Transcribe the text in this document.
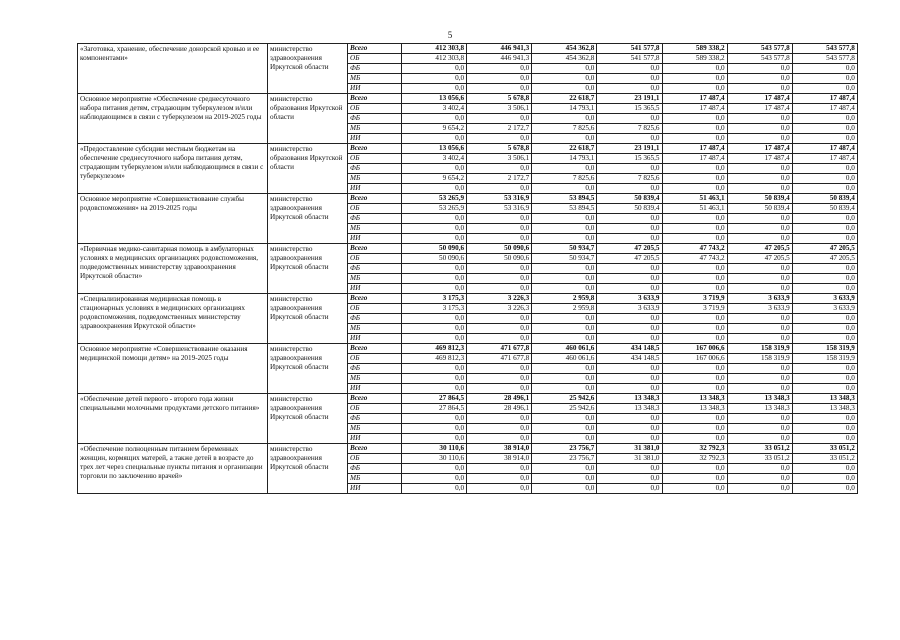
5
«Заготовка, хранение, обеспечение донорской кровью и ее компонентами»	министерство здравоохранения Иркутской области	Всего	412 303,8	446 941,3	454 362,8	541 577,8	589 338,2	543 577,8	543 577,8
		ОБ	412 303,8	446 941,3	454 362,8	541 577,8	589 338,2	543 577,8	543 577,8
		ФБ	0,0	0,0	0,0	0,0	0,0	0,0	0,0
		МБ	0,0	0,0	0,0	0,0	0,0	0,0	0,0
		ИИ	0,0	0,0	0,0	0,0	0,0	0,0	0,0
Основное мероприятие «Обеспечение среднесуточного набора питания детям, страдающим туберкулезом и/или наблюдающимся в связи с туберкулезом на 2019-2025 годы	министерство образования Иркутской области	Всего	13 056,6	5 678,8	22 618,7	23 191,1	17 487,4	17 487,4	17 487,4
		ОБ	3 402,4	3 506,1	14 793,1	15 365,5	17 487,4	17 487,4	17 487,4
		ФБ	0,0	0,0	0,0	0,0	0,0	0,0	0,0
		МБ	9 654,2	2 172,7	7 825,6	7 825,6	0,0	0,0	0,0
		ИИ	0,0	0,0	0,0	0,0	0,0	0,0	0,0
«Предоставление субсидии местным бюджетам на обеспечение среднесуточного набора питания детям, страдающим туберкулезом и/или наблюдающимся в связи с туберкулезом»	министерство образования Иркутской области	Всего	13 056,6	5 678,8	22 618,7	23 191,1	17 487,4	17 487,4	17 487,4
		ОБ	3 402,4	3 506,1	14 793,1	15 365,5	17 487,4	17 487,4	17 487,4
		ФБ	0,0	0,0	0,0	0,0	0,0	0,0	0,0
		МБ	9 654,2	2 172,7	7 825,6	7 825,6	0,0	0,0	0,0
		ИИ	0,0	0,0	0,0	0,0	0,0	0,0	0,0
Основное мероприятие «Совершенствование службы родовспоможения» на 2019-2025 годы	министерство здравоохранения Иркутской области	Всего	53 265,9	53 316,9	53 894,5	50 839,4	51 463,1	50 839,4	50 839,4
		ОБ	53 265,9	53 316,9	53 894,5	50 839,4	51 463,1	50 839,4	50 839,4
		ФБ	0,0	0,0	0,0	0,0	0,0	0,0	0,0
		МБ	0,0	0,0	0,0	0,0	0,0	0,0	0,0
		ИИ	0,0	0,0	0,0	0,0	0,0	0,0	0,0
«Первичная медико-санитарная помощь в амбулаторных условиях в медицинских организациях родовспоможения, подведомственных министерству здравоохранения Иркутской области»	министерство здравоохранения Иркутской области	Всего	50 090,6	50 090,6	50 934,7	47 205,5	47 743,2	47 205,5	47 205,5
		ОБ	50 090,6	50 090,6	50 934,7	47 205,5	47 743,2	47 205,5	47 205,5
		ФБ	0,0	0,0	0,0	0,0	0,0	0,0	0,0
		МБ	0,0	0,0	0,0	0,0	0,0	0,0	0,0
		ИИ	0,0	0,0	0,0	0,0	0,0	0,0	0,0
«Специализированная медицинская помощь в стационарных условиях в медицинских организациях родовспоможения, подведомственных министерству здравоохранения Иркутской области»	министерство здравоохранения Иркутской области	Всего	3 175,3	3 226,3	2 959,8	3 633,9	3 719,9	3 633,9	3 633,9
		ОБ	3 175,3	3 226,3	2 959,8	3 633,9	3 719,9	3 633,9	3 633,9
		ФБ	0,0	0,0	0,0	0,0	0,0	0,0	0,0
		МБ	0,0	0,0	0,0	0,0	0,0	0,0	0,0
		ИИ	0,0	0,0	0,0	0,0	0,0	0,0	0,0
Основное мероприятие «Совершенствование оказания медицинской помощи детям» на 2019-2025 годы	министерство здравоохранения Иркутской области	Всего	469 812,3	471 677,8	460 061,6	434 148,5	167 006,6	158 319,9	158 319,9
		ОБ	469 812,3	471 677,8	460 061,6	434 148,5	167 006,6	158 319,9	158 319,9
		ФБ	0,0	0,0	0,0	0,0	0,0	0,0	0,0
		МБ	0,0	0,0	0,0	0,0	0,0	0,0	0,0
		ИИ	0,0	0,0	0,0	0,0	0,0	0,0	0,0
«Обеспечение детей первого - второго года жизни специальными молочными продуктами детского питания»	министерство здравоохранения Иркутской области	Всего	27 864,5	28 496,1	25 942,6	13 348,3	13 348,3	13 348,3	13 348,3
		ОБ	27 864,5	28 496,1	25 942,6	13 348,3	13 348,3	13 348,3	13 348,3
		ФБ	0,0	0,0	0,0	0,0	0,0	0,0	0,0
		МБ	0,0	0,0	0,0	0,0	0,0	0,0	0,0
		ИИ	0,0	0,0	0,0	0,0	0,0	0,0	0,0
«Обеспечение полноценным питанием беременных женщин, кормящих матерей, а также детей в возрасте до трех лет через специальные пункты питания и организации торговли по заключению врачей»	министерство здравоохранения Иркутской области	Всего	30 110,6	38 914,0	23 756,7	31 381,0	32 792,3	33 051,2	33 051,2
		ОБ	30 110,6	38 914,0	23 756,7	31 381,0	32 792,3	33 051,2	33 051,2
		ФБ	0,0	0,0	0,0	0,0	0,0	0,0	0,0
		МБ	0,0	0,0	0,0	0,0	0,0	0,0	0,0
		ИИ	0,0	0,0	0,0	0,0	0,0	0,0	0,0
